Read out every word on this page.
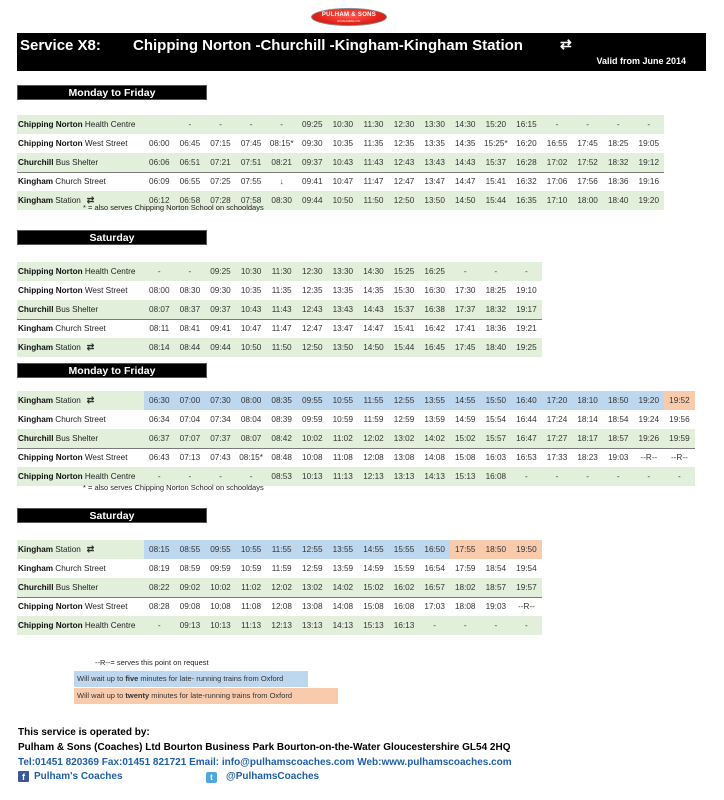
PULHAM & SONS
(COACHES) LTD.
Service X8: Chipping Norton -Churchill -Kingham-Kingham Station	⇄
Valid from June 2014
Monday to Friday
Chipping Norton Health Centre		-	-	-	-	09:25	10:30	11:30	12:30	13:30	14:30	15:20	16:15	-	-	-	-
Chipping Norton West Street	06:00	06:45	07:15	07:45	08:15*	09:30	10:35	11:35	12:35	13:35	14:35	15:25*	16:20	16:55	17:45	18:25	19:05
Churchill Bus Shelter	06:06	06:51	07:21	07:51	08:21	09:37	10:43	11:43	12:43	13:43	14:43	15:37	16:28	17:02	17:52	18:32	19:12
Kingham Church Street	06:09	06:55	07:25	07:55	↓	09:41	10:47	11:47	12:47	13:47	14:47	15:41	16:32	17:06	17:56	18:36	19:16
Kingham Station ⇄	06:12	06:58	07:28	07:58	08:30	09:44	10:50	11:50	12:50	13:50	14:50	15:44	16:35	17:10	18:00	18:40	19:20
* = also serves Chipping Norton School on schooldays
Saturday
Chipping Norton Health Centre	-	-	09:25	10:30	11:30	12:30	13:30	14:30	15:25	16:25	-	-	-
Chipping Norton West Street	08:00	08:30	09:30	10:35	11:35	12:35	13:35	14:35	15:30	16:30	17:30	18:25	19:10
Churchill Bus Shelter	08:07	08:37	09:37	10:43	11:43	12:43	13:43	14:43	15:37	16:38	17:37	18:32	19:17
Kingham Church Street	08:11	08:41	09:41	10:47	11:47	12:47	13:47	14:47	15:41	16:42	17:41	18:36	19:21
Kingham Station ⇄	08:14	08:44	09:44	10:50	11:50	12:50	13:50	14:50	15:44	16:45	17:45	18:40	19:25
Monday to Friday
Kingham Station ⇄	06:30	07:00	07:30	08:00	08:35	09:55	10:55	11:55	12:55	13:55	14:55	15:50	16:40	17:20	18:10	18:50	19:20	19:52
Kingham Church Street	06:34	07:04	07:34	08:04	08:39	09:59	10:59	11:59	12:59	13:59	14:59	15:54	16:44	17:24	18:14	18:54	19:24	19:56
Churchill Bus Shelter	06:37	07:07	07:37	08:07	08:42	10:02	11:02	12:02	13:02	14:02	15:02	15:57	16:47	17:27	18:17	18:57	19:26	19:59
Chipping Norton West Street	06:43	07:13	07:43	08:15*	08:48	10:08	11:08	12:08	13:08	14:08	15:08	16:03	16:53	17:33	18:23	19:03	--R--	--R--
Chipping Norton Health Centre	-	-	-	-	08:53	10:13	11:13	12:13	13:13	14:13	15:13	16:08	-	-	-	-	-	-
* = also serves Chipping Norton School on schooldays
Saturday
Kingham Station ⇄	08:15	08:55	09:55	10:55	11:55	12:55	13:55	14:55	15:55	16:50	17:55	18:50	19:50
Kingham Church Street	08:19	08:59	09:59	10:59	11:59	12:59	13:59	14:59	15:59	16:54	17:59	18:54	19:54
Churchill Bus Shelter	08:22	09:02	10:02	11:02	12:02	13:02	14:02	15:02	16:02	16:57	18:02	18:57	19:57
Chipping Norton West Street	08:28	09:08	10:08	11:08	12:08	13:08	14:08	15:08	16:08	17:03	18:08	19:03	--R--
Chipping Norton Health Centre	-	09:13	10:13	11:13	12:13	13:13	14:13	15:13	16:13	-	-	-	-
--R--= serves this point on request
Will wait up to five minutes for late- running trains from Oxford
Will wait up to twenty minutes for late-running trains from Oxford
This service is operated by:
Pulham & Sons (Coaches) Ltd Bourton Business Park Bourton-on-the-Water Gloucestershire GL54 2HQ
Tel:01451 820369 Fax:01451 821721 Email: info@pulhamscoaches.com Web:www.pulhamscoaches.com
f Pulham's Coaches	t @PulhamsCoaches
